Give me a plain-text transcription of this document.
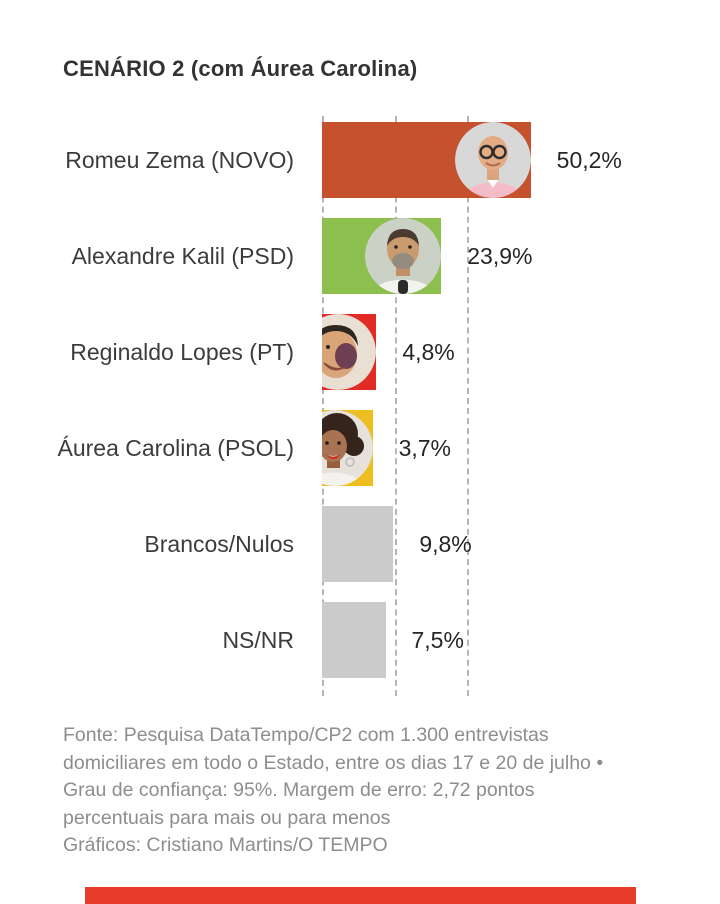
CENÁRIO 2 (com Áurea Carolina)
Romeu Zema (NOVO)	50,2%
Alexandre Kalil (PSD)	23,9%
Reginaldo Lopes (PT)	4,8%
Áurea Carolina (PSOL)	3,7%
Brancos/Nulos	9,8%
NS/NR	7,5%
Fonte: Pesquisa DataTempo/CP2 com 1.300 entrevistas
domiciliares em todo o Estado, entre os dias 17 e 20 de julho •
Grau de confiança: 95%. Margem de erro: 2,72 pontos
percentuais para mais ou para menos
Gráficos: Cristiano Martins/O TEMPO
